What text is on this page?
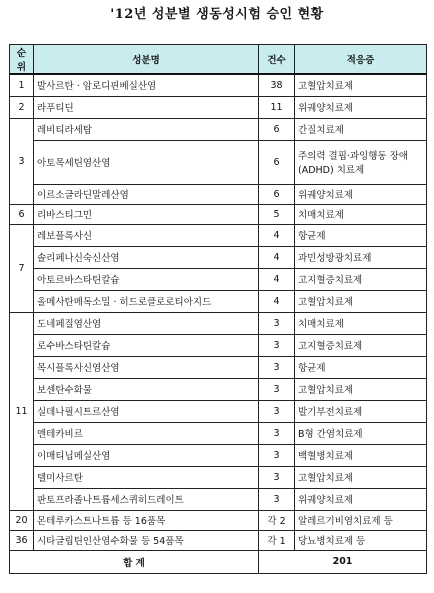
'12년 성분별 생동성시험 승인 현황
순위	성분명	건수	적응증
1	발사르탄 · 암로디핀베실산염	38	고혈압치료제
2	라푸티딘	11	위궤양치료제
3	레비티라세탐	6	간질치료제
	아토목세틴염산염	6	주의력 결핍·과잉행동 장애(ADHD) 치료제
	이르소글라딘말레산염	6	위궤양치료제
6	리바스티그민	5	치매치료제
7	레보플록사신	4	항균제
	솔리페나신숙신산염	4	과민성방광치료제
	아토르바스타틴칼슘	4	고지혈증치료제
	올메사탄메독소밀 · 히드로클로로티아지드	4	고혈압치료제
11	도네페질염산염	3	치매치료제
	로수바스타틴칼슘	3	고지혈증치료제
	목시플록사신염산염	3	항균제
	보센탄수화물	3	고혈압치료제
	실데나필시트르산염	3	발기부전치료제
	엔테카비르	3	B형 간염치료제
	이매티닙메실산염	3	백혈병치료제
	텔미사르탄	3	고혈압치료제
	판토프라졸나트륨세스퀴히드레이트	3	위궤양치료제
20	몬테루카스트나트륨 등 16품목	각 2	알레르기비염치료제 등
36	시타글립틴인산염수화물 등 54품목	각 1	당뇨병치료제 등
합 계		201	
